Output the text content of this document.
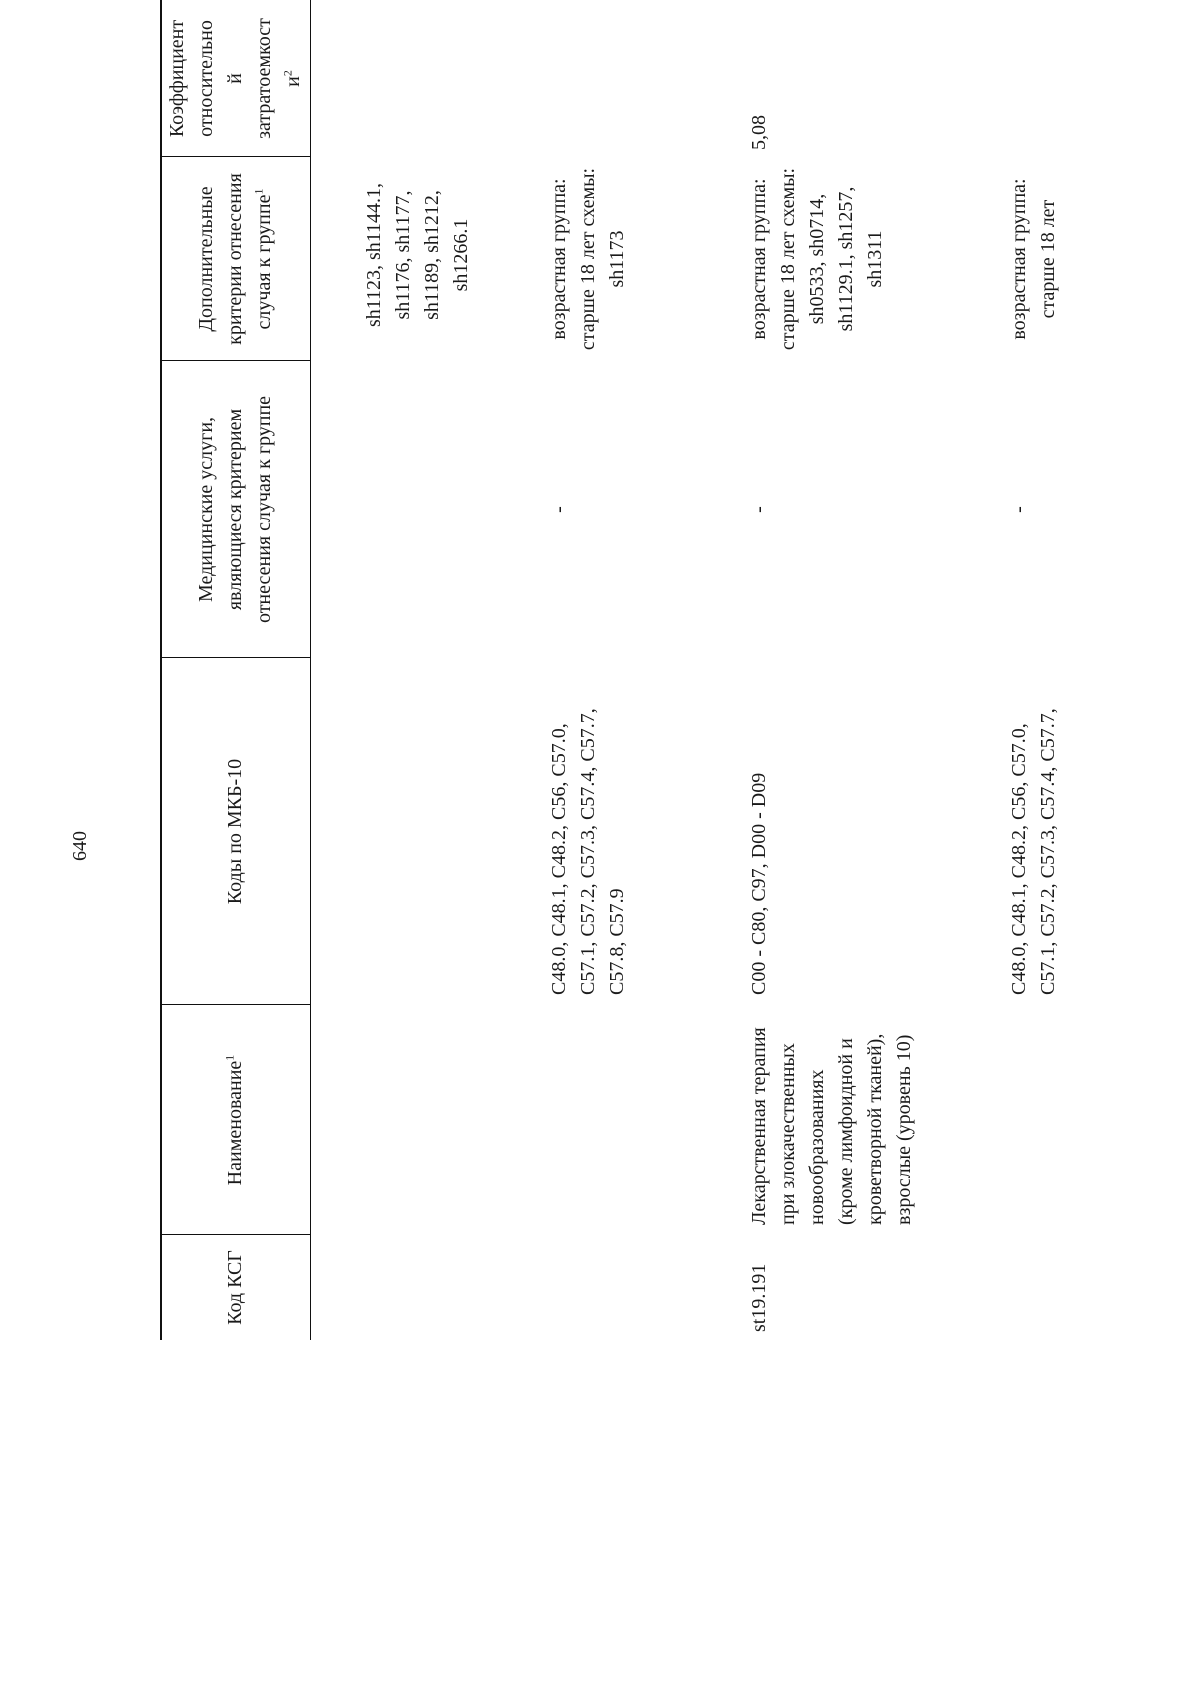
640
Код КСГ
Наименование$^1$
Коды по МКБ-10
Медицинские услуги, являющиеся критерием отнесения случая к группе
Дополнительные критерии отнесения случая к группе$^1$
Коэффициент относительно й затратоемкост $и^2$
sh1123, sh1144.1, sh1176, sh1177, sh1189, sh1212, sh1266.1
C48.0, C48.1, C48.2, C56, C57.0, C57.1, C57.2, C57.3, C57.4, C57.7, C57.8, C57.9
-
возрастная группа: старше 18 лет схемы: sh1173
st19.191
Лекарственная терапия при злокачественных новообразованиях (кроме лимфоидной и кроветворной тканей), взрослые (уровень 10)
C00 - C80, C97, D00 - D09
-
возрастная группа: старше 18 лет схемы: sh0533, sh0714, sh1129.1, sh1257, sh1311
5,08
C48.0, C48.1, C48.2, C56, C57.0, C57.1, C57.2, C57.3, C57.4, C57.7,
-
возрастная группа: старше 18 лет
